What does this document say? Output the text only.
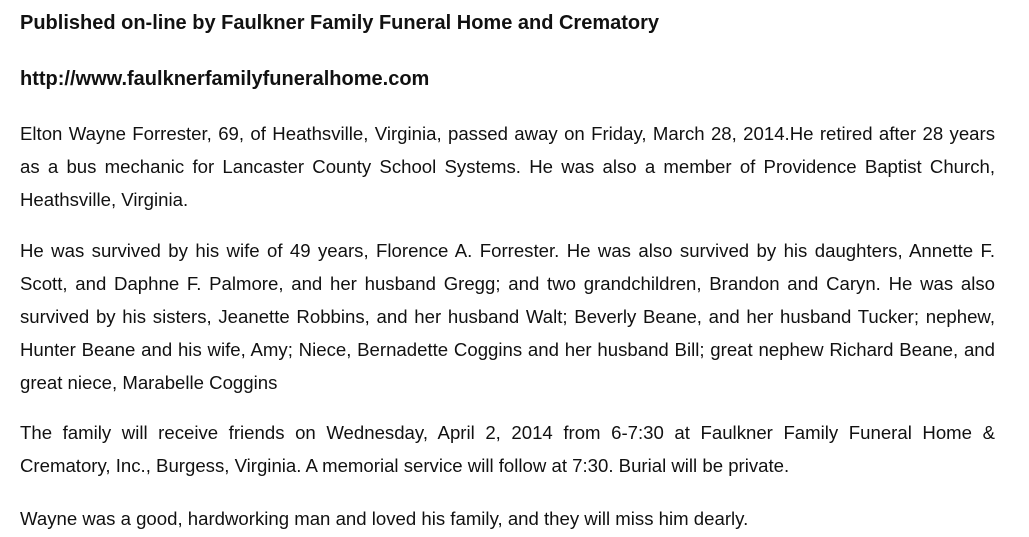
Published on-line by Faulkner Family Funeral Home and Crematory

http://www.faulknerfamilyfuneralhome.com

Elton Wayne Forrester, 69, of Heathsville, Virginia, passed away on Friday, March 28, 2014.He retired after 28 years as a bus mechanic for Lancaster County School Systems. He was also a member of Providence Baptist Church, Heathsville, Virginia.

He was survived by his wife of 49 years, Florence A. Forrester. He was also survived by his daughters, Annette F. Scott, and Daphne F. Palmore, and her husband Gregg; and two grandchildren, Brandon and Caryn. He was also survived by his sisters, Jeanette Robbins, and her husband Walt; Beverly Beane, and her husband Tucker; nephew, Hunter Beane and his wife, Amy; Niece, Bernadette Coggins and her husband Bill; great nephew Richard Beane, and great niece, Marabelle Coggins

The family will receive friends on Wednesday, April 2, 2014 from 6-7:30 at Faulkner Family Funeral Home & Crematory, Inc., Burgess, Virginia. A memorial service will follow at 7:30. Burial will be private.

Wayne was a good, hardworking man and loved his family, and they will miss him dearly.
